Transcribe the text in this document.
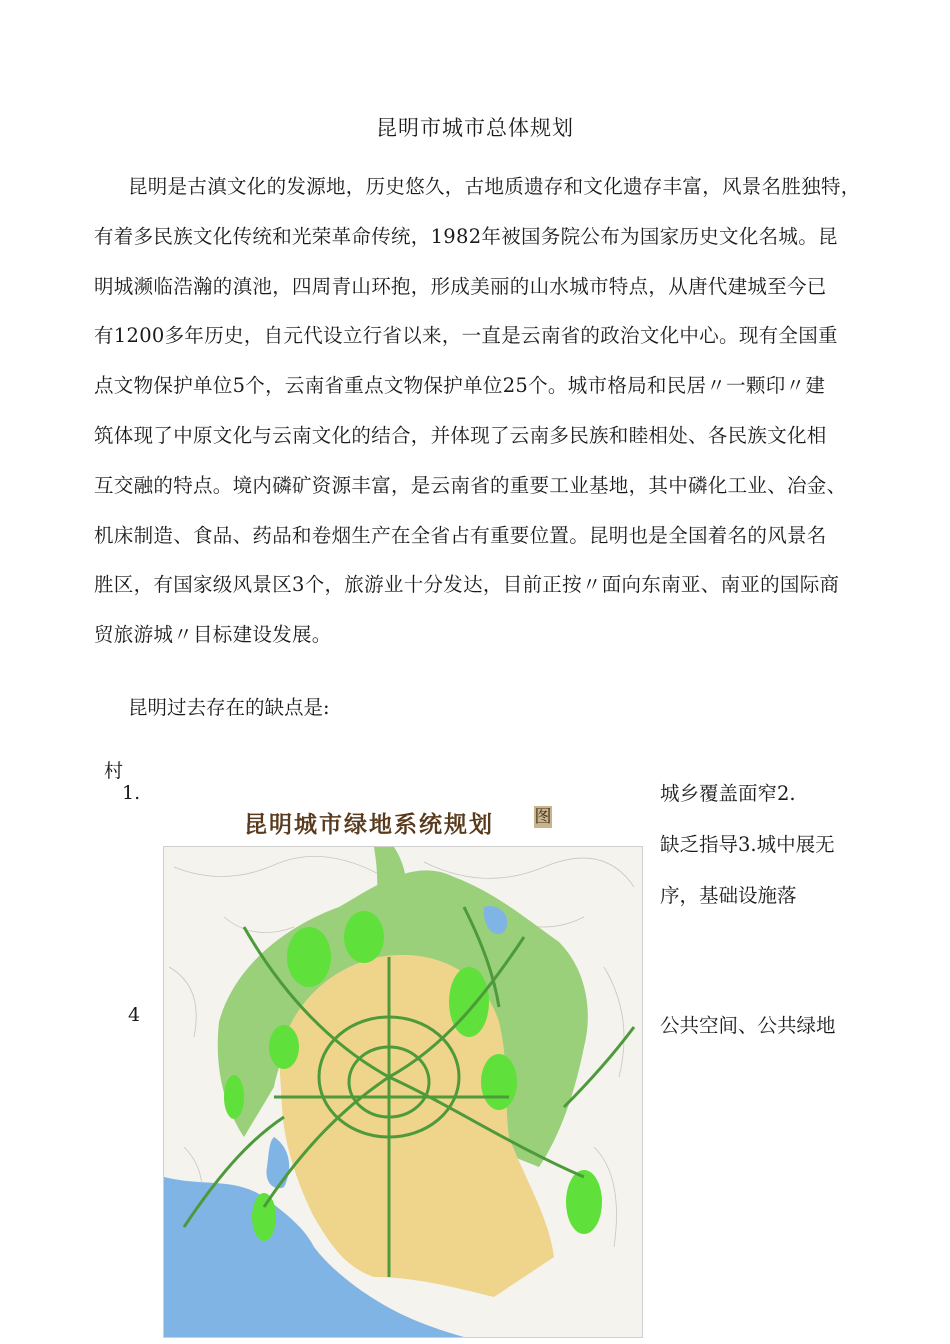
昆明市城市总体规划
昆明是古滇文化的发源地，历史悠久，古地质遗存和文化遗存丰富，风景名胜独特，
有着多民族文化传统和光荣革命传统，1982年被国务院公布为国家历史文化名城。昆
明城濒临浩瀚的滇池，四周青山环抱，形成美丽的山水城市特点，从唐代建城至今已
有1200多年历史，自元代设立行省以来，一直是云南省的政治文化中心。现有全国重
点文物保护单位5个，云南省重点文物保护单位25个。城市格局和民居〃一颗印〃建
筑体现了中原文化与云南文化的结合，并体现了云南多民族和睦相处、各民族文化相
互交融的特点。境内磷矿资源丰富，是云南省的重要工业基地，其中磷化工业、冶金、
机床制造、食品、药品和卷烟生产在全省占有重要位置。昆明也是全国着名的风景名
胜区，有国家级风景区3个，旅游业十分发达，目前正按〃面向东南亚、南亚的国际商
贸旅游城〃目标建设发展。
昆明过去存在的缺点是:
村
1.
4
城乡覆盖面窄2.
缺乏指导3.城中展无
序，基础设施落
公共空间、公共绿地
昆明城市绿地系统规划 图
